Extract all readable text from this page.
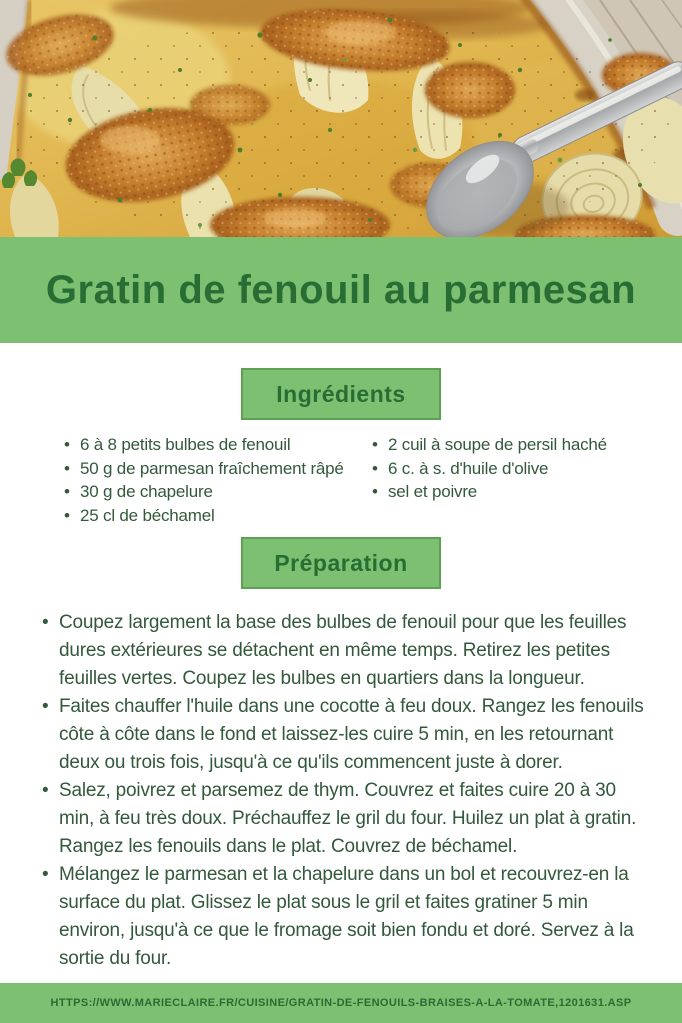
Gratin de fenouil au parmesan
Ingrédients
• 6 à 8 petits bulbes de fenouil
• 50 g de parmesan fraîchement râpé
• 30 g de chapelure
• 25 cl de béchamel
• 2 cuil à soupe de persil haché
• 6 c. à s. d'huile d'olive
• sel et poivre
Préparation
• Coupez largement la base des bulbes de fenouil pour que les feuilles dures extérieures se détachent en même temps. Retirez les petites feuilles vertes. Coupez les bulbes en quartiers dans la longueur.
• Faites chauffer l'huile dans une cocotte à feu doux. Rangez les fenouils côte à côte dans le fond et laissez-les cuire 5 min, en les retournant deux ou trois fois, jusqu'à ce qu'ils commencent juste à dorer.
• Salez, poivrez et parsemez de thym. Couvrez et faites cuire 20 à 30 min, à feu très doux. Préchauffez le gril du four. Huilez un plat à gratin. Rangez les fenouils dans le plat. Couvrez de béchamel.
• Mélangez le parmesan et la chapelure dans un bol et recouvrez-en la surface du plat. Glissez le plat sous le gril et faites gratiner 5 min environ, jusqu'à ce que le fromage soit bien fondu et doré. Servez à la sortie du four.
HTTPS://WWW.MARIECLAIRE.FR/CUISINE/GRATIN-DE-FENOUILS-BRAISES-A-LA-TOMATE,1201631.ASP
